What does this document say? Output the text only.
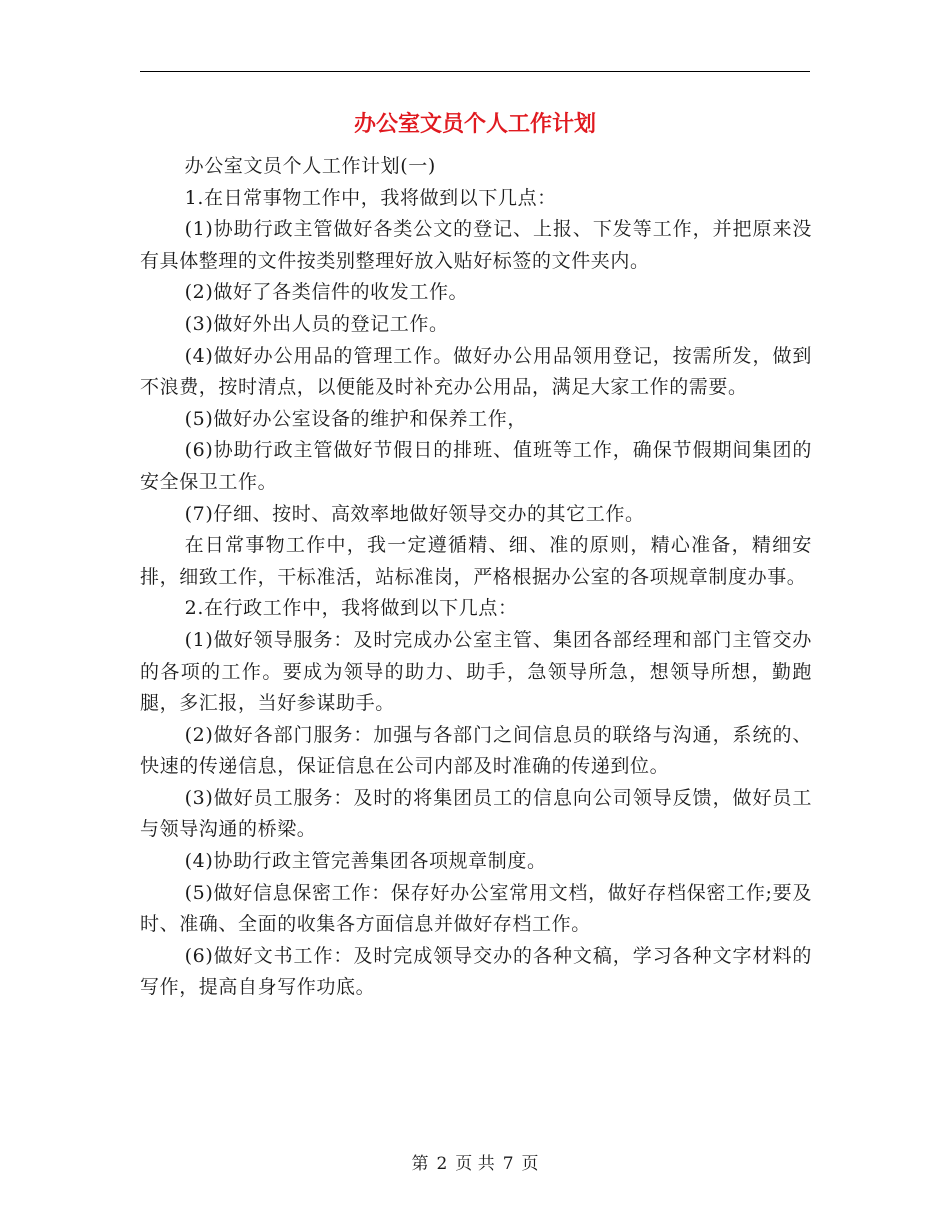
办公室文员个人工作计划

办公室文员个人工作计划(一)

1.在日常事物工作中，我将做到以下几点：

(1)协助行政主管做好各类公文的登记、上报、下发等工作，并把原来没有具体整理的文件按类别整理好放入贴好标签的文件夹内。

(2)做好了各类信件的收发工作。

(3)做好外出人员的登记工作。

(4)做好办公用品的管理工作。做好办公用品领用登记，按需所发，做到不浪费，按时清点，以便能及时补充办公用品，满足大家工作的需要。

(5)做好办公室设备的维护和保养工作，

(6)协助行政主管做好节假日的排班、值班等工作，确保节假期间集团的安全保卫工作。

(7)仔细、按时、高效率地做好领导交办的其它工作。

在日常事物工作中，我一定遵循精、细、准的原则，精心准备，精细安排，细致工作，干标准活，站标准岗，严格根据办公室的各项规章制度办事。

2.在行政工作中，我将做到以下几点：

(1)做好领导服务：及时完成办公室主管、集团各部经理和部门主管交办的各项的工作。要成为领导的助力、助手，急领导所急，想领导所想，勤跑腿，多汇报，当好参谋助手。

(2)做好各部门服务：加强与各部门之间信息员的联络与沟通，系统的、快速的传递信息，保证信息在公司内部及时准确的传递到位。

(3)做好员工服务：及时的将集团员工的信息向公司领导反馈，做好员工与领导沟通的桥梁。

(4)协助行政主管完善集团各项规章制度。

(5)做好信息保密工作：保存好办公室常用文档，做好存档保密工作;要及时、准确、全面的收集各方面信息并做好存档工作。

(6)做好文书工作：及时完成领导交办的各种文稿，学习各种文字材料的写作，提高自身写作功底。

第 2 页 共 7 页
